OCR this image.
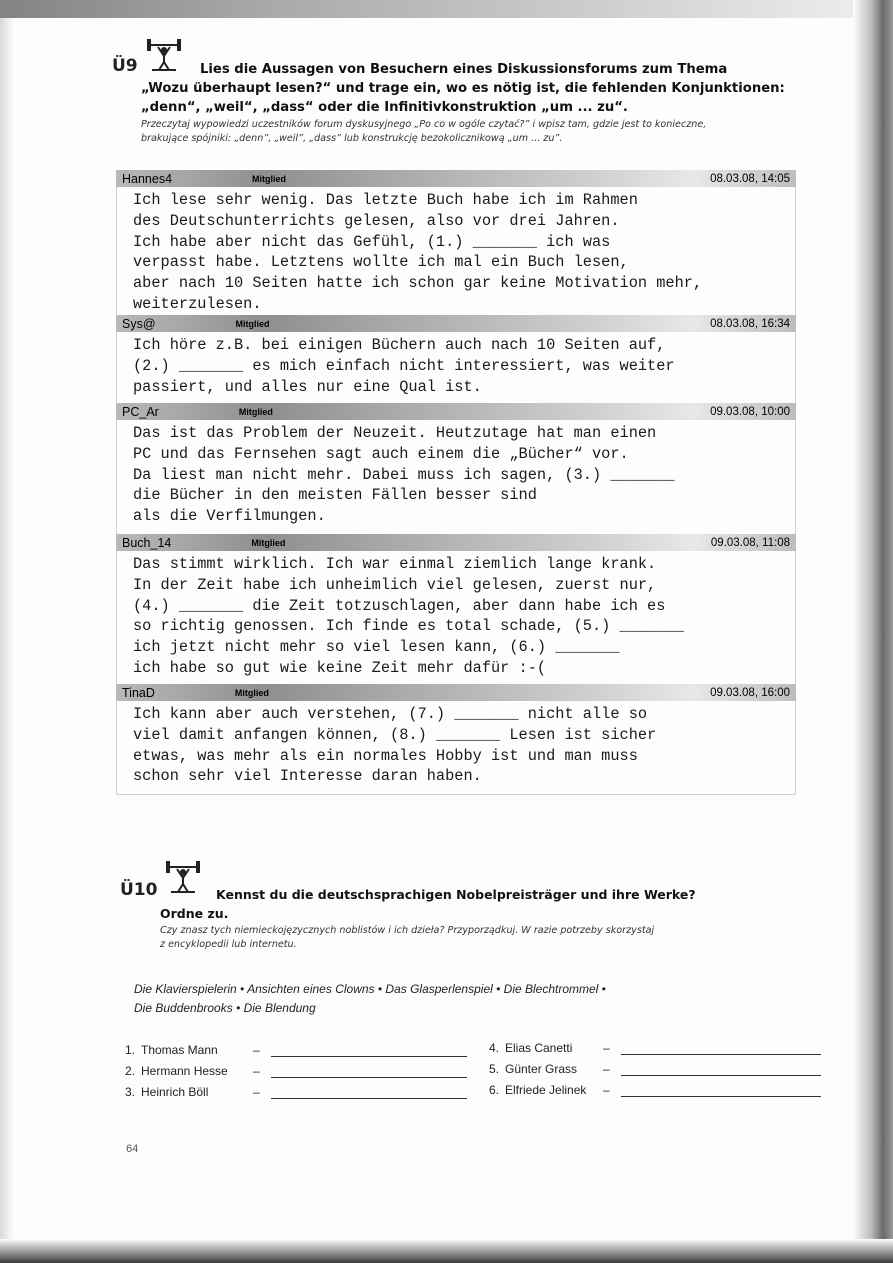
Ü9	Lies die Aussagen von Besuchern eines Diskussionsforums zum Thema
„Wozu überhaupt lesen?“ und trage ein, wo es nötig ist, die fehlenden Konjunktionen:
„denn“, „weil“, „dass“ oder die Infinitivkonstruktion „um ... zu“.
Przeczytaj wypowiedzi uczestników forum dyskusyjnego „Po co w ogóle czytać?” i wpisz tam, gdzie jest to konieczne,
brakujące spójniki: „denn”, „weil”, „dass” lub konstrukcję bezokolicznikową „um ... zu”.
Hannes4	Mitglied	08.03.08, 14:05
Ich lese sehr wenig. Das letzte Buch habe ich im Rahmen
des Deutschunterrichts gelesen, also vor drei Jahren.
Ich habe aber nicht das Gefühl, (1.) _______ ich was
verpasst habe. Letztens wollte ich mal ein Buch lesen,
aber nach 10 Seiten hatte ich schon gar keine Motivation mehr,
weiterzulesen.
Sys@	Mitglied	08.03.08, 16:34
Ich höre z.B. bei einigen Büchern auch nach 10 Seiten auf,
(2.) _______ es mich einfach nicht interessiert, was weiter
passiert, und alles nur eine Qual ist.
PC_Ar	Mitglied	09.03.08, 10:00
Das ist das Problem der Neuzeit. Heutzutage hat man einen
PC und das Fernsehen sagt auch einem die „Bücher“ vor.
Da liest man nicht mehr. Dabei muss ich sagen, (3.) _______
die Bücher in den meisten Fällen besser sind
als die Verfilmungen.
Buch_14	Mitglied	09.03.08, 11:08
Das stimmt wirklich. Ich war einmal ziemlich lange krank.
In der Zeit habe ich unheimlich viel gelesen, zuerst nur,
(4.) _______ die Zeit totzuschlagen, aber dann habe ich es
so richtig genossen. Ich finde es total schade, (5.) _______
ich jetzt nicht mehr so viel lesen kann, (6.) _______
ich habe so gut wie keine Zeit mehr dafür :-(
TinaD	Mitglied	09.03.08, 16:00
Ich kann aber auch verstehen, (7.) _______ nicht alle so
viel damit anfangen können, (8.) _______ Lesen ist sicher
etwas, was mehr als ein normales Hobby ist und man muss
schon sehr viel Interesse daran haben.
Ü10	Kennst du die deutschsprachigen Nobelpreisträger und ihre Werke?
Ordne zu.
Czy znasz tych niemieckojęzycznych noblistów i ich dzieła? Przyporządkuj. W razie potrzeby skorzystaj
z encyklopedii lub internetu.
Die Klavierspielerin • Ansichten eines Clowns • Das Glasperlenspiel • Die Blechtrommel •
Die Buddenbrooks • Die Blendung
1. Thomas Mann	–
2. Hermann Hesse	–
3. Heinrich Böll	–
4. Elias Canetti	–
5. Günter Grass	–
6. Elfriede Jelinek	–
64
